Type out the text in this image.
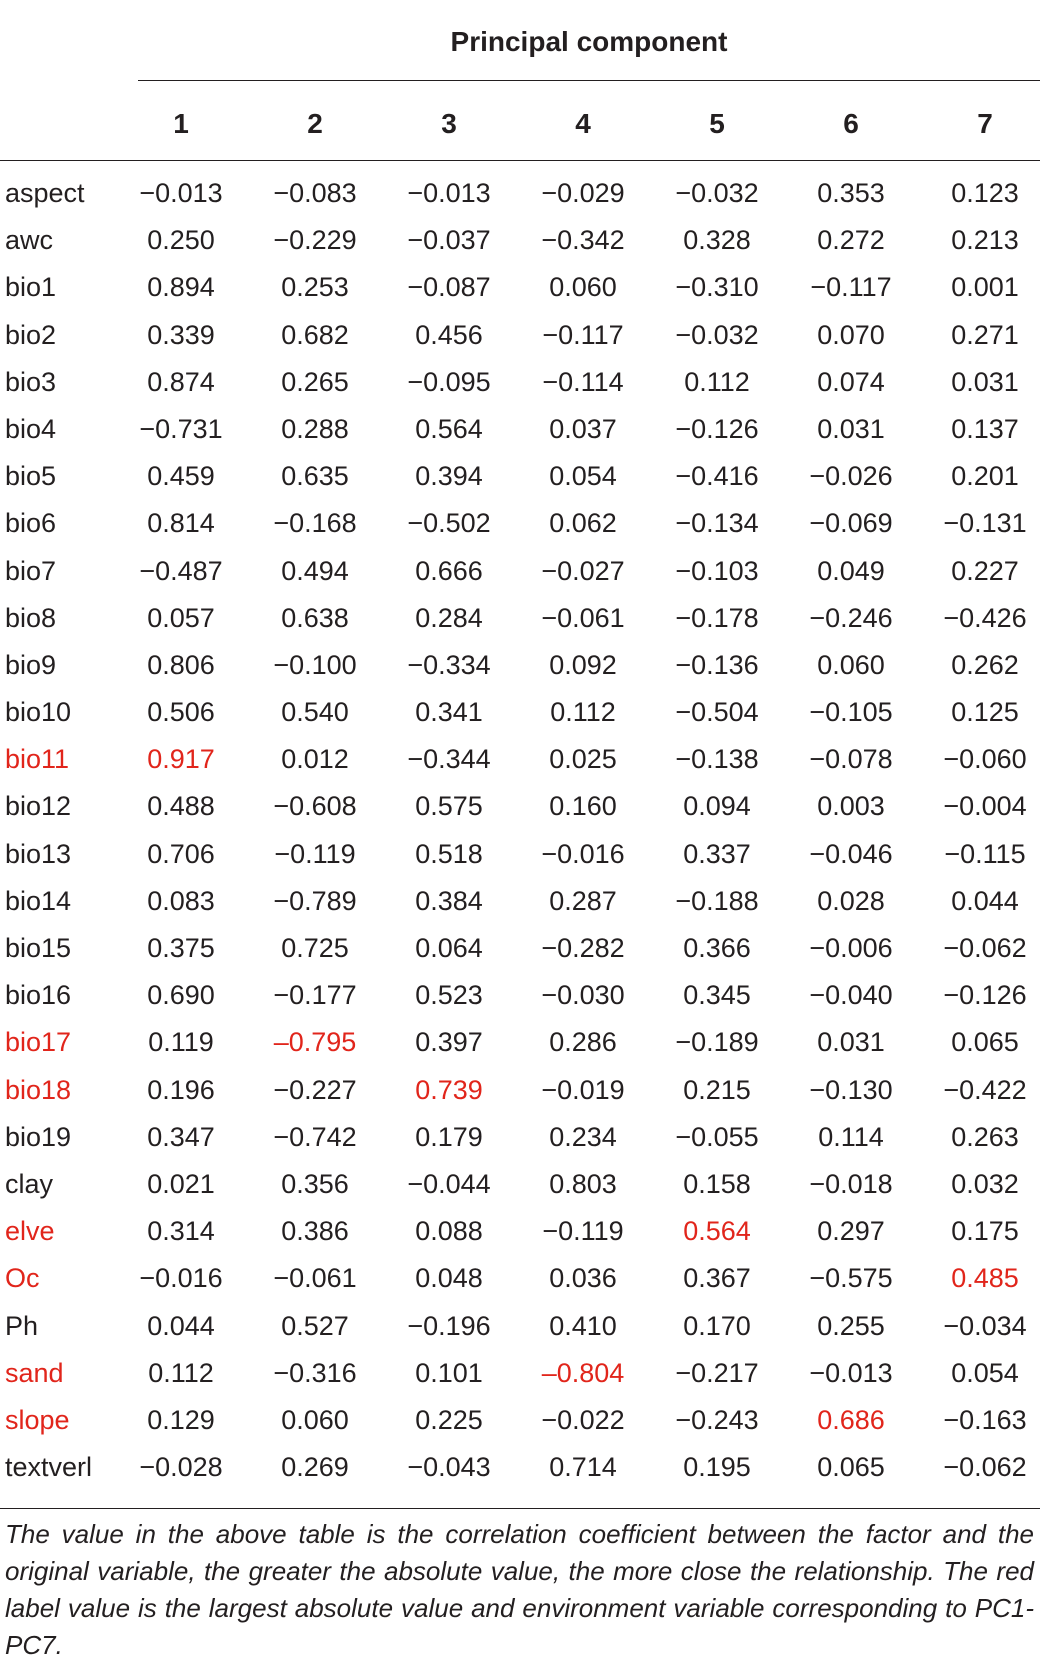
Principal component
1	2	3	4	5	6	7
aspect	−0.013	−0.083	−0.013	−0.029	−0.032	0.353	0.123
awc	0.250	−0.229	−0.037	−0.342	0.328	0.272	0.213
bio1	0.894	0.253	−0.087	0.060	−0.310	−0.117	0.001
bio2	0.339	0.682	0.456	−0.117	−0.032	0.070	0.271
bio3	0.874	0.265	−0.095	−0.114	0.112	0.074	0.031
bio4	−0.731	0.288	0.564	0.037	−0.126	0.031	0.137
bio5	0.459	0.635	0.394	0.054	−0.416	−0.026	0.201
bio6	0.814	−0.168	−0.502	0.062	−0.134	−0.069	−0.131
bio7	−0.487	0.494	0.666	−0.027	−0.103	0.049	0.227
bio8	0.057	0.638	0.284	−0.061	−0.178	−0.246	−0.426
bio9	0.806	−0.100	−0.334	0.092	−0.136	0.060	0.262
bio10	0.506	0.540	0.341	0.112	−0.504	−0.105	0.125
bio11	0.917	0.012	−0.344	0.025	−0.138	−0.078	−0.060
bio12	0.488	−0.608	0.575	0.160	0.094	0.003	−0.004
bio13	0.706	−0.119	0.518	−0.016	0.337	−0.046	−0.115
bio14	0.083	−0.789	0.384	0.287	−0.188	0.028	0.044
bio15	0.375	0.725	0.064	−0.282	0.366	−0.006	−0.062
bio16	0.690	−0.177	0.523	−0.030	0.345	−0.040	−0.126
bio17	0.119	–0.795	0.397	0.286	−0.189	0.031	0.065
bio18	0.196	−0.227	0.739	−0.019	0.215	−0.130	−0.422
bio19	0.347	−0.742	0.179	0.234	−0.055	0.114	0.263
clay	0.021	0.356	−0.044	0.803	0.158	−0.018	0.032
elve	0.314	0.386	0.088	−0.119	0.564	0.297	0.175
Oc	−0.016	−0.061	0.048	0.036	0.367	−0.575	0.485
Ph	0.044	0.527	−0.196	0.410	0.170	0.255	−0.034
sand	0.112	−0.316	0.101	–0.804	−0.217	−0.013	0.054
slope	0.129	0.060	0.225	−0.022	−0.243	0.686	−0.163
textverl	−0.028	0.269	−0.043	0.714	0.195	0.065	−0.062
The value in the above table is the correlation coefficient between the factor and the original variable, the greater the absolute value, the more close the relationship. The red label value is the largest absolute value and environment variable corresponding to PC1-PC7.
